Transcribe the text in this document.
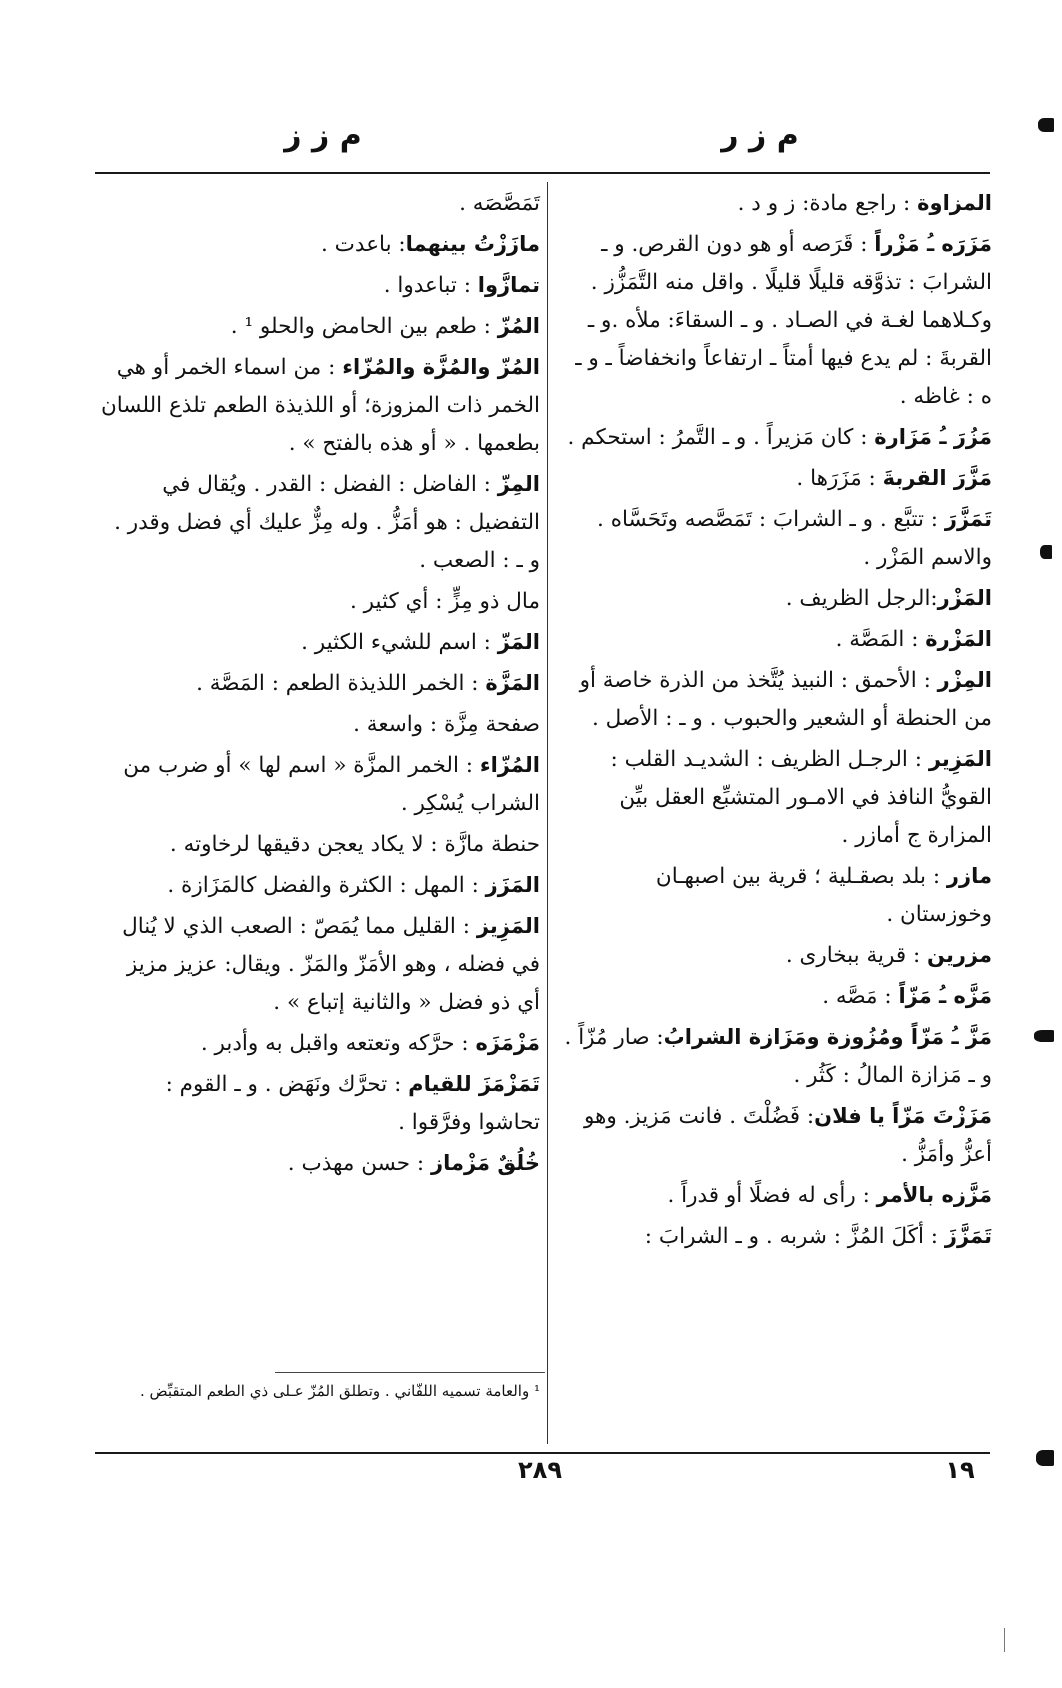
م ز ر
م ز ز
المزاوة : راجع مادة: ز و د .
مَزَرَه ـُ مَزْراً : قَرَصه أو هو دون القرص. و ـ الشرابَ : تذوَّقه قليلًا قليلًا . واقل منه التَّمَزُّز . وكـلاهما لغـة في الصـاد . و ـ السقاءَ: ملأه .و ـ القربةَ : لم يدع فيها أمتاً ـ ارتفاعاً وانخفاضاً ـ و ـ ه : غاظه .
مَزُرَ ـُ مَزَارة : كان مَزيراً . و ـ التَّمرُ : استحكم .
مَزَّرَ القربةَ : مَزَرَها .
تَمَزَّرَ : تتبَّع . و ـ الشرابَ : تَمَصَّصه وتَحَسَّاه . والاسم المَزْر .
المَزْر:الرجل الظريف .
المَزْرة : المَصَّة .
المِزْر : الأحمق : النبيذ يُتَّخذ من الذرة خاصة أو من الحنطة أو الشعير والحبوب . و ـ : الأصل .
المَزِير : الرجـل الظريف : الشديـد القلب : القويُّ النافذ في الامـور المتشبِّع العقل بيِّن المزارة ج أمازر .
مازر : بلد بصقـلية ؛ قرية بين اصبهـان وخوزستان .
مزرين : قرية ببخارى .
مَزَّه ـُ مَزّاً : مَصَّه .
مَزَّ ـُ مَزّاً ومُزُوزة ومَزَازة الشرابُ: صار مُزّاً . و ـ مَزازة المالُ : كَثُر .
مَزَزْتَ مَزّاً يا فلان: فَضُلْتَ . فانت مَزيز. وهو أعزُّ وأمَزُّ .
مَزَّزه بالأمر : رأى له فضلًا أو قدراً .
تَمَزَّزَ : أكَلَ المُزَّ : شربه . و ـ الشرابَ :
تَمَصَّصَه .
مازَزْتُ بينهما: باعدت .
تمازَّوا : تباعدوا .
المُزّ : طعم بين الحامض والحلو ¹ .
المُزّ والمُزَّة والمُزّاء : من اسماء الخمر أو هي الخمر ذات المزوزة؛ أو اللذيذة الطعم تلذع اللسان بطعمها . « أو هذه بالفتح » .
المِزّ : الفاضل : الفضل : القدر . ويُقال في التفضيل : هو أمَزُّ . وله مِزٌّ عليك أي فضل وقدر . و ـ : الصعب .
مال ذو مِزٍّ : أي كثير .
المَزّ : اسم للشيء الكثير .
المَزَّة : الخمر اللذيذة الطعم : المَصَّة .
صفحة مِزَّة : واسعة .
المُزّاء : الخمر المزَّة « اسم لها » أو ضرب من الشراب يُسْكِر .
حنطة مازَّة : لا يكاد يعجن دقيقها لرخاوته .
المَزَز : المهل : الكثرة والفضل كالمَزَازة .
المَزِيز : القليل مما يُمَصّ : الصعب الذي لا يُنال في فضله ، وهو الأمَزّ والمَزّ . ويقال: عزيز مزيز أي ذو فضل « والثانية إتباع » .
مَزْمَزَه : حرَّكه وتعتعه واقبل به وأدبر .
تَمَزْمَزَ للقيام : تحرَّك ونَهَض . و ـ القوم : تحاشوا وفرَّقوا .
خُلُقٌ مَزْماز : حسن مهذب .
¹ والعامة تسميه اللفّاني . وتطلق المُزّ عـلى ذي الطعم المتقبِّض .
١٩
٢٨٩
